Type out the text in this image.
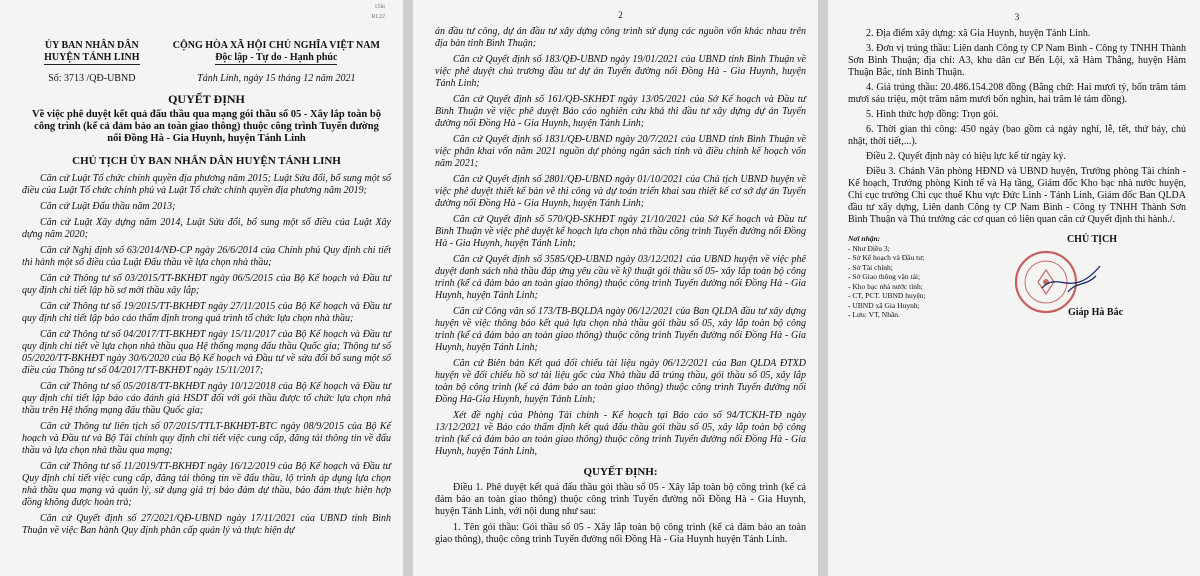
15kt
RL22
ỦY BAN NHÂN DÂN
HUYỆN TÁNH LINH
CỘNG HÒA XÃ HỘI CHỦ NGHĨA VIỆT NAM
Độc lập - Tự do - Hạnh phúc
Số: 3713 /QĐ-UBND	Tánh Linh, ngày 15 tháng 12 năm 2021
QUYẾT ĐỊNH
Về việc phê duyệt kết quả đấu thầu qua mạng gói thầu số 05 - Xây lắp toàn bộ công trình (kể cả đảm bảo an toàn giao thông) thuộc công trình Tuyến đường nối Đồng Hà - Gia Huynh, huyện Tánh Linh
CHỦ TỊCH ỦY BAN NHÂN DÂN HUYỆN TÁNH LINH

Căn cứ Luật Tổ chức chính quyền địa phương năm 2015; Luật Sửa đổi, bổ sung một số điều của Luật Tổ chức chính phủ và Luật Tổ chức chính quyền địa phương năm 2019;

Căn cứ Luật Đấu thầu năm 2013;

Căn cứ Luật Xây dựng năm 2014, Luật Sửa đổi, bổ sung một số điều của Luật Xây dựng năm 2020;

Căn cứ Nghị định số 63/2014/NĐ-CP ngày 26/6/2014 của Chính phủ Quy định chi tiết thi hành một số điều của Luật Đấu thầu về lựa chọn nhà thầu;

Căn cứ Thông tư số 03/2015/TT-BKHĐT ngày 06/5/2015 của Bộ Kế hoạch và Đầu tư quy định chi tiết lập hồ sơ mời thầu xây lắp;

Căn cứ Thông tư số 19/2015/TT-BKHĐT ngày 27/11/2015 của Bộ Kế hoạch và Đầu tư quy định chi tiết lập báo cáo thẩm định trong quá trình tổ chức lựa chọn nhà thầu;

Căn cứ Thông tư số 04/2017/TT-BKHĐT ngày 15/11/2017 của Bộ Kế hoạch và Đầu tư quy định chi tiết về lựa chọn nhà thầu qua Hệ thống mạng đấu thầu Quốc gia; Thông tư số 05/2020/TT-BKHĐT ngày 30/6/2020 của Bộ Kế hoạch và Đầu tư về sửa đổi bổ sung một số điều của Thông tư số 04/2017/TT-BKHĐT ngày 15/11/2017;

Căn cứ Thông tư số 05/2018/TT-BKHĐT ngày 10/12/2018 của Bộ Kế hoạch và Đầu tư quy định chi tiết lập báo cáo đánh giá HSDT đối với gói thầu được tổ chức lựa chọn nhà thầu trên Hệ thống mạng đấu thầu Quốc gia;

Căn cứ Thông tư liên tịch số 07/2015/TTLT-BKHĐT-BTC ngày 08/9/2015 của Bộ Kế hoạch và Đầu tư và Bộ Tài chính quy định chi tiết việc cung cấp, đăng tải thông tin về đấu thầu và lựa chọn nhà thầu qua mạng;

Căn cứ Thông tư số 11/2019/TT-BKHĐT ngày 16/12/2019 của Bộ Kế hoạch và Đầu tư Quy định chi tiết việc cung cấp, đăng tải thông tin về đấu thầu, lộ trình áp dụng lựa chọn nhà thầu qua mạng và quản lý, sử dụng giá trị bảo đảm dự thầu, bảo đảm thực hiện hợp đồng không được hoàn trả;

Căn cứ Quyết định số 27/2021/QĐ-UBND ngày 17/11/2021 của UBND tỉnh Bình Thuận về việc Ban hành Quy định phân cấp quản lý và thực hiện dự

2

án đầu tư công, dự án đầu tư xây dựng công trình sử dụng các nguồn vốn khác nhau trên địa bàn tỉnh Bình Thuận;

Căn cứ Quyết định số 183/QĐ-UBND ngày 19/01/2021 của UBND tỉnh Bình Thuận về việc phê duyệt chủ trương đầu tư dự án Tuyến đường nối Đồng Hà - Gia Huynh, huyện Tánh Linh;

Căn cứ Quyết định số 161/QĐ-SKHĐT ngày 13/05/2021 của Sở Kế hoạch và Đầu tư Bình Thuận về việc phê duyệt Báo cáo nghiên cứu khả thi đầu tư xây dựng dự án Tuyến đường nối Đồng Hà - Gia Huynh, huyện Tánh Linh;

Căn cứ Quyết định số 1831/QĐ-UBND ngày 20/7/2021 của UBND tỉnh Bình Thuận về việc phân khai vốn năm 2021 nguồn dự phòng ngân sách tỉnh và điều chỉnh kế hoạch vốn năm 2021;

Căn cứ Quyết định số 2801/QĐ-UBND ngày 01/10/2021 của Chủ tịch UBND huyện về việc phê duyệt thiết kế bản vẽ thi công và dự toán triển khai sau thiết kế cơ sở dự án Tuyến đường nối Đồng Hà - Gia Huynh, huyện Tánh Linh;

Căn cứ Quyết định số 570/QĐ-SKHĐT ngày 21/10/2021 của Sở Kế hoạch và Đầu tư Bình Thuận về việc phê duyệt kế hoạch lựa chọn nhà thầu công trình Tuyến đường nối Đồng Hà - Gia Huynh, huyện Tánh Linh;

Căn cứ Quyết định số 3585/QĐ-UBND ngày 03/12/2021 của UBND huyện về việc phê duyệt danh sách nhà thầu đáp ứng yêu cầu về kỹ thuật gói thầu số 05- xây lắp toàn bộ công trình (kể cả đảm bảo an toàn giao thông) thuộc công trình Tuyến đường nối Đồng Hà - Gia Huynh, huyện Tánh Linh;

Căn cứ Công văn số 173/TB-BQLDA ngày 06/12/2021 của Ban QLDA đầu tư xây dựng huyện về việc thông báo kết quả lựa chọn nhà thầu gói thầu số 05, xây lắp toàn bộ công trình (kể cả đảm bảo an toàn giao thông) thuộc công trình Tuyến đường nối Đồng Hà - Gia Huynh, huyện Tánh Linh;

Căn cứ Biên bản Kết quả đối chiếu tài liệu ngày 06/12/2021 của Ban QLDA ĐTXD huyện về đối chiếu hồ sơ tài liệu gốc của Nhà thầu đã trúng thầu, gói thầu số 05, xây lắp toàn bộ công trình (kể cả đảm bảo an toàn giao thông) thuộc công trình Tuyến đường nối Đồng Hà-Gia Huynh, huyện Tánh Linh;

Xét đề nghị của Phòng Tài chính - Kế hoạch tại Báo cáo số 94/TCKH-TĐ ngày 13/12/2021 về Báo cáo thẩm định kết quả đấu thầu gói thầu số 05, xây lắp toàn bộ công trình (kể cả đảm bảo an toàn giao thông) thuộc công trình Tuyến đường nối Đồng Hà - Gia Huynh, huyện Tánh Linh,

QUYẾT ĐỊNH:

Điều 1. Phê duyệt kết quả đấu thầu gói thầu số 05 - Xây lắp toàn bộ công trình (kể cả đảm bảo an toàn giao thông) thuộc công trình Tuyến đường nối Đồng Hà - Gia Huynh, huyện Tánh Linh, với nội dung như sau:

1. Tên gói thầu: Gói thầu số 05 - Xây lắp toàn bộ công trình (kể cả đảm bảo an toàn giao thông), thuộc công trình Tuyến đường nối Đồng Hà - Gia Huynh huyện Tánh Linh.

3

2. Địa điểm xây dựng: xã Gia Huynh, huyện Tánh Linh.

3. Đơn vị trúng thầu: Liên danh Công ty CP Nam Bình - Công ty TNHH Thành Sơn Bình Thuận; địa chỉ: A3, khu dân cư Bến Lội, xã Hàm Thắng, huyện Hàm Thuận Bắc, tỉnh Bình Thuận.

4. Giá trúng thầu: 20.486.154.208 đồng (Bằng chữ: Hai mươi tỷ, bốn trăm tám mươi sáu triệu, một trăm năm mươi bốn nghìn, hai trăm lẻ tám đồng).

5. Hình thức hợp đồng: Trọn gói.

6. Thời gian thi công: 450 ngày (bao gồm cả ngày nghỉ, lễ, tết, thứ bảy, chủ nhật, thời tiết,...).

Điều 2. Quyết định này có hiệu lực kể từ ngày ký.

Điều 3. Chánh Văn phòng HĐND và UBND huyện, Trưởng phòng Tài chính - Kế hoạch, Trưởng phòng Kinh tế và Hạ tầng, Giám đốc Kho bạc nhà nước huyện, Chi cục trưởng Chi cục thuế Khu vực Đức Linh - Tánh Linh, Giám đốc Ban QLDA đầu tư xây dựng, Liên danh Công ty CP Nam Bình - Công ty TNHH Thành Sơn Bình Thuận và Thủ trưởng các cơ quan có liên quan căn cứ Quyết định thi hành./.

Nơi nhận:
- Như Điều 3;
- Sở Kế hoạch và Đầu tư;
- Sở Tài chính;
- Sở Giao thông vận tải;
- Kho bạc nhà nước tỉnh;
- CT, PCT. UBND huyện;
- UBND xã Gia Huynh;
- Lưu: VT, Nhân.
CHỦ TỊCH
Giáp Hà Bắc
